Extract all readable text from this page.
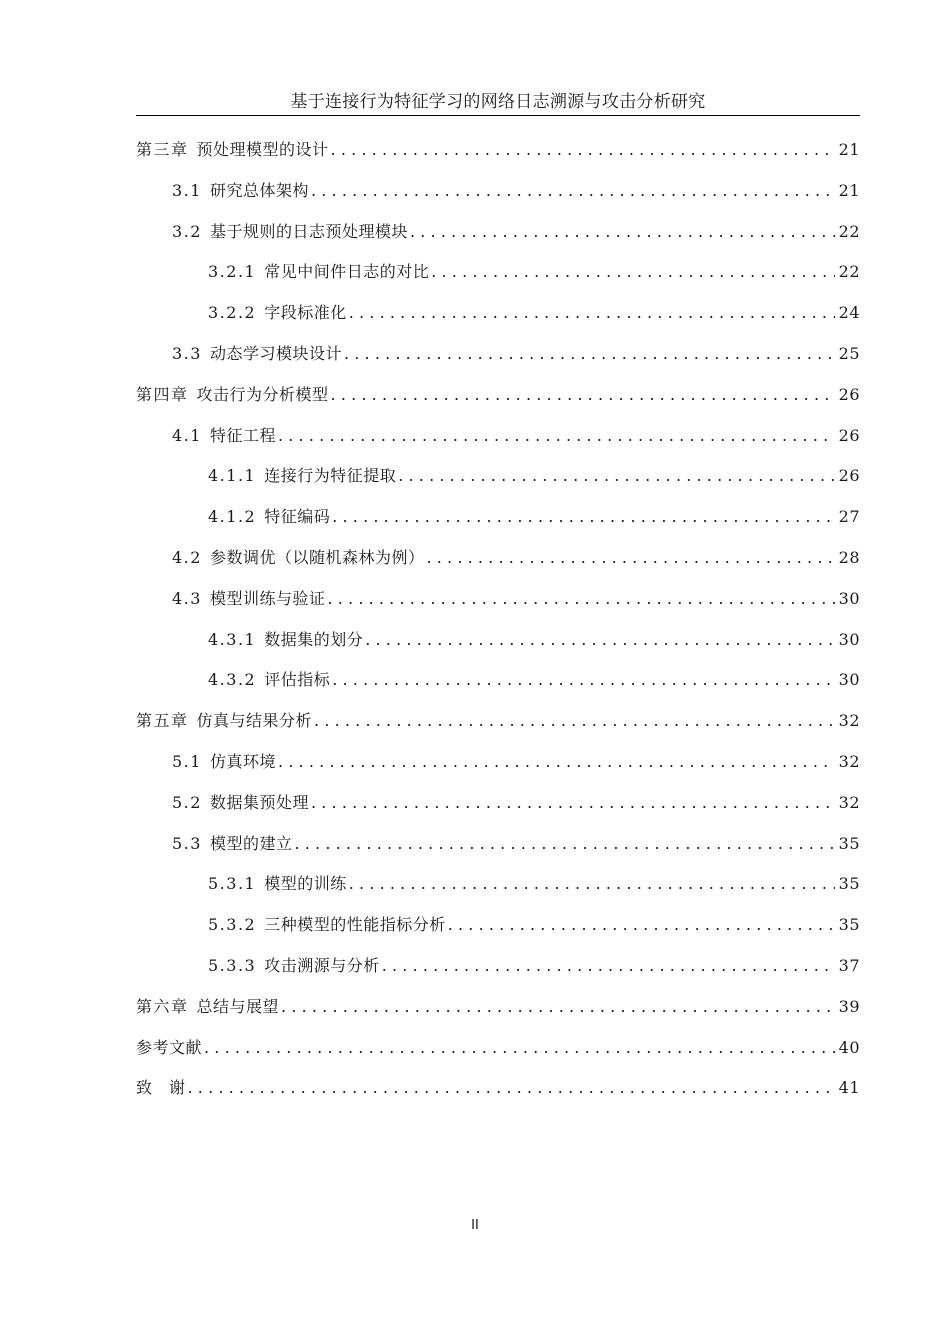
基于连接行为特征学习的网络日志溯源与攻击分析研究
第三章 预处理模型的设计 .....	21
3.1 研究总体架构 .....	21
3.2 基于规则的日志预处理模块 .....	22
3.2.1 常见中间件日志的对比 .....	22
3.2.2 字段标准化 .....	24
3.3 动态学习模块设计 .....	25
第四章 攻击行为分析模型 .....	26
4.1 特征工程 .....	26
4.1.1 连接行为特征提取 .....	26
4.1.2 特征编码 .....	27
4.2 参数调优（以随机森林为例） .....	28
4.3 模型训练与验证 .....	30
4.3.1 数据集的划分 .....	30
4.3.2 评估指标 .....	30
第五章 仿真与结果分析 .....	32
5.1 仿真环境 .....	32
5.2 数据集预处理 .....	32
5.3 模型的建立 .....	35
5.3.1 模型的训练 .....	35
5.3.2 三种模型的性能指标分析 .....	35
5.3.3 攻击溯源与分析 .....	37
第六章 总结与展望 .....	39
参考文献 .....	40
致　谢 .....	41
II
